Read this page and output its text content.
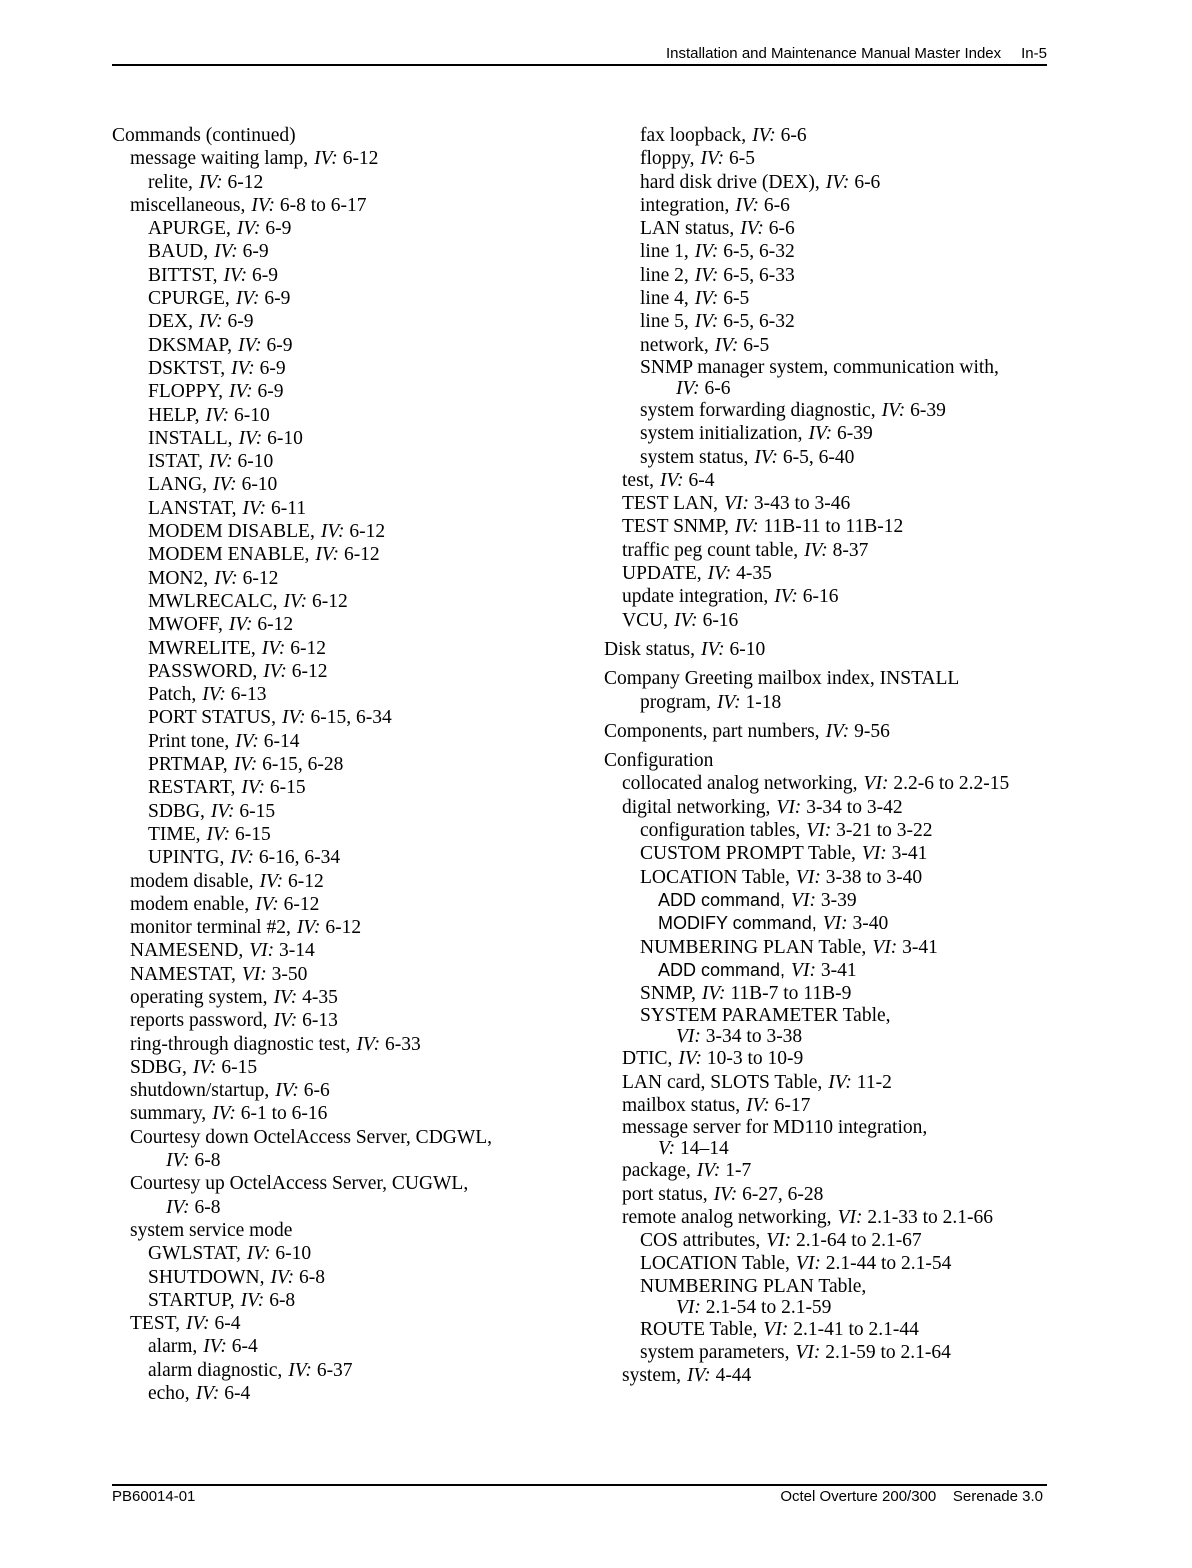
Installation and Maintenance Manual Master Index In-5
Commands (continued)
message waiting lamp, IV: 6-12
relite, IV: 6-12
miscellaneous, IV: 6-8 to 6-17
APURGE, IV: 6-9
BAUD, IV: 6-9
BITTST, IV: 6-9
CPURGE, IV: 6-9
DEX, IV: 6-9
DKSMAP, IV: 6-9
DSKTST, IV: 6-9
FLOPPY, IV: 6-9
HELP, IV: 6-10
INSTALL, IV: 6-10
ISTAT, IV: 6-10
LANG, IV: 6-10
LANSTAT, IV: 6-11
MODEM DISABLE, IV: 6-12
MODEM ENABLE, IV: 6-12
MON2, IV: 6-12
MWLRECALC, IV: 6-12
MWOFF, IV: 6-12
MWRELITE, IV: 6-12
PASSWORD, IV: 6-12
Patch, IV: 6-13
PORT STATUS, IV: 6-15, 6-34
Print tone, IV: 6-14
PRTMAP, IV: 6-15, 6-28
RESTART, IV: 6-15
SDBG, IV: 6-15
TIME, IV: 6-15
UPINTG, IV: 6-16, 6-34
modem disable, IV: 6-12
modem enable, IV: 6-12
monitor terminal #2, IV: 6-12
NAMESEND, VI: 3-14
NAMESTAT, VI: 3-50
operating system, IV: 4-35
reports password, IV: 6-13
ring-through diagnostic test, IV: 6-33
SDBG, IV: 6-15
shutdown/startup, IV: 6-6
summary, IV: 6-1 to 6-16
Courtesy down OctelAccess Server, CDGWL,
IV: 6-8
Courtesy up OctelAccess Server, CUGWL,
IV: 6-8
system service mode
GWLSTAT, IV: 6-10
SHUTDOWN, IV: 6-8
STARTUP, IV: 6-8
TEST, IV: 6-4
alarm, IV: 6-4
alarm diagnostic, IV: 6-37
echo, IV: 6-4
fax loopback, IV: 6-6
floppy, IV: 6-5
hard disk drive (DEX), IV: 6-6
integration, IV: 6-6
LAN status, IV: 6-6
line 1, IV: 6-5, 6-32
line 2, IV: 6-5, 6-33
line 4, IV: 6-5
line 5, IV: 6-5, 6-32
network, IV: 6-5
SNMP manager system, communication with,
IV: 6-6
system forwarding diagnostic, IV: 6-39
system initialization, IV: 6-39
system status, IV: 6-5, 6-40
test, IV: 6-4
TEST LAN, VI: 3-43 to 3-46
TEST SNMP, IV: 11B-11 to 11B-12
traffic peg count table, IV: 8-37
UPDATE, IV: 4-35
update integration, IV: 6-16
VCU, IV: 6-16
Disk status, IV: 6-10
Company Greeting mailbox index, INSTALL
program, IV: 1-18
Components, part numbers, IV: 9-56
Configuration
collocated analog networking, VI: 2.2-6 to 2.2-15
digital networking, VI: 3-34 to 3-42
configuration tables, VI: 3-21 to 3-22
CUSTOM PROMPT Table, VI: 3-41
LOCATION Table, VI: 3-38 to 3-40
ADD command, VI: 3-39
MODIFY command, VI: 3-40
NUMBERING PLAN Table, VI: 3-41
ADD command, VI: 3-41
SNMP, IV: 11B-7 to 11B-9
SYSTEM PARAMETER Table,
VI: 3-34 to 3-38
DTIC, IV: 10-3 to 10-9
LAN card, SLOTS Table, IV: 11-2
mailbox status, IV: 6-17
message server for MD110 integration,
V: 14–14
package, IV: 1-7
port status, IV: 6-27, 6-28
remote analog networking, VI: 2.1-33 to 2.1-66
COS attributes, VI: 2.1-64 to 2.1-67
LOCATION Table, VI: 2.1-44 to 2.1-54
NUMBERING PLAN Table,
VI: 2.1-54 to 2.1-59
ROUTE Table, VI: 2.1-41 to 2.1-44
system parameters, VI: 2.1-59 to 2.1-64
system, IV: 4-44
PB60014-01	Octel Overture 200/300    Serenade 3.0
